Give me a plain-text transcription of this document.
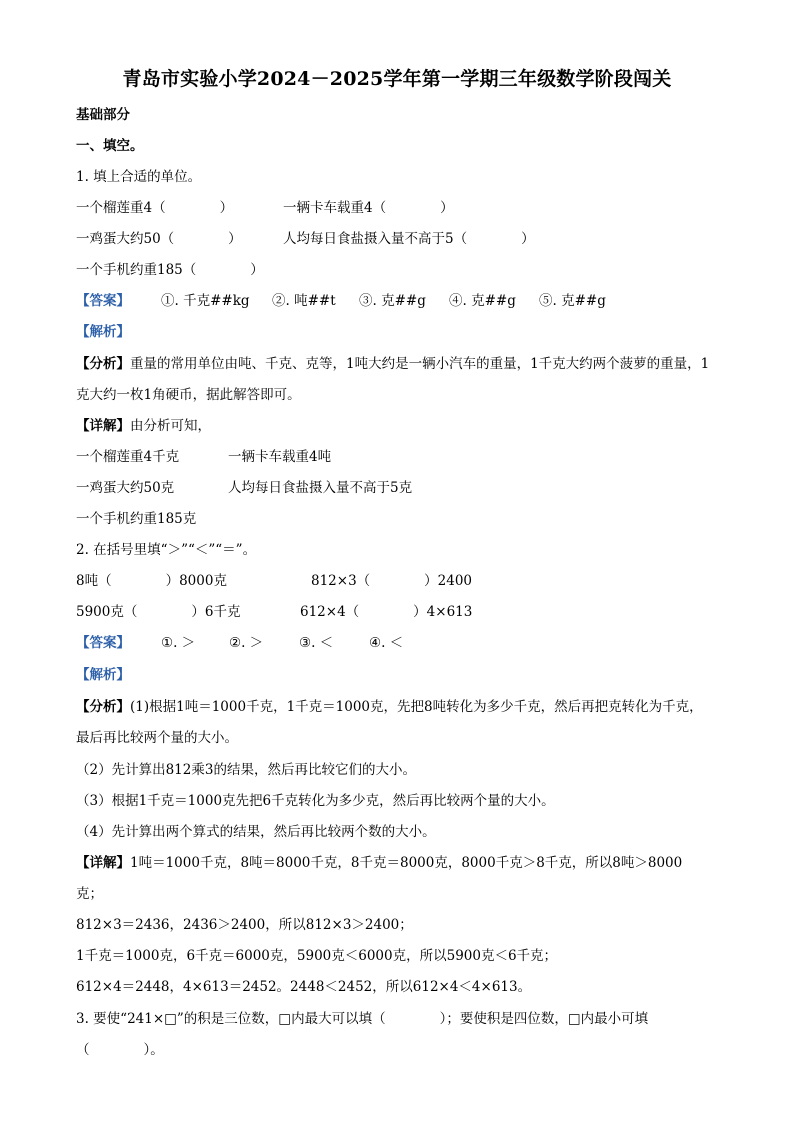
青岛市实验小学2024－2025学年第一学期三年级数学阶段闯关
基础部分
一、填空。
1. 填上合适的单位。
一个榴莲重4（　　　　）	一辆卡车载重4（　　　　）
一鸡蛋大约50（　　　　）	人均每日食盐摄入量不高于5（　　　　）
一个手机约重185（　　　　）
【答案】 ①. 千克##kg ②. 吨##t ③. 克##g ④. 克##g ⑤. 克##g
【解析】
【分析】重量的常用单位由吨、千克、克等，1吨大约是一辆小汽车的重量，1千克大约两个菠萝的重量，1
克大约一枚1角硬币，据此解答即可。
【详解】由分析可知，
一个榴莲重4千克	一辆卡车载重4吨
一鸡蛋大约50克	人均每日食盐摄入量不高于5克
一个手机约重185克
2. 在括号里填“＞”“＜”“＝”。
8吨（　　　　）8000克	812×3（　　　　）2400
5900克（　　　　）6千克	612×4（　　　　）4×613
【答案】 ①. ＞	②. ＞	③. ＜	④. ＜
【解析】
【分析】(1)根据1吨＝1000千克，1千克＝1000克，先把8吨转化为多少千克，然后再把克转化为千克，
最后再比较两个量的大小。
（2）先计算出812乘3的结果，然后再比较它们的大小。
（3）根据1千克＝1000克先把6千克转化为多少克，然后再比较两个量的大小。
（4）先计算出两个算式的结果，然后再比较两个数的大小。
【详解】1吨＝1000千克，8吨＝8000千克，8千克＝8000克，8000千克＞8千克，所以8吨＞8000
克；
812×3＝2436，2436＞2400，所以812×3＞2400；
1千克＝1000克，6千克＝6000克，5900克＜6000克，所以5900克＜6千克；
612×4＝2448，4×613＝2452。2448＜2452，所以612×4＜4×613。
3. 要使“241×□”的积是三位数，□内最大可以填（　　　　）；要使积是四位数，□内最小可填
（　　　　）。
